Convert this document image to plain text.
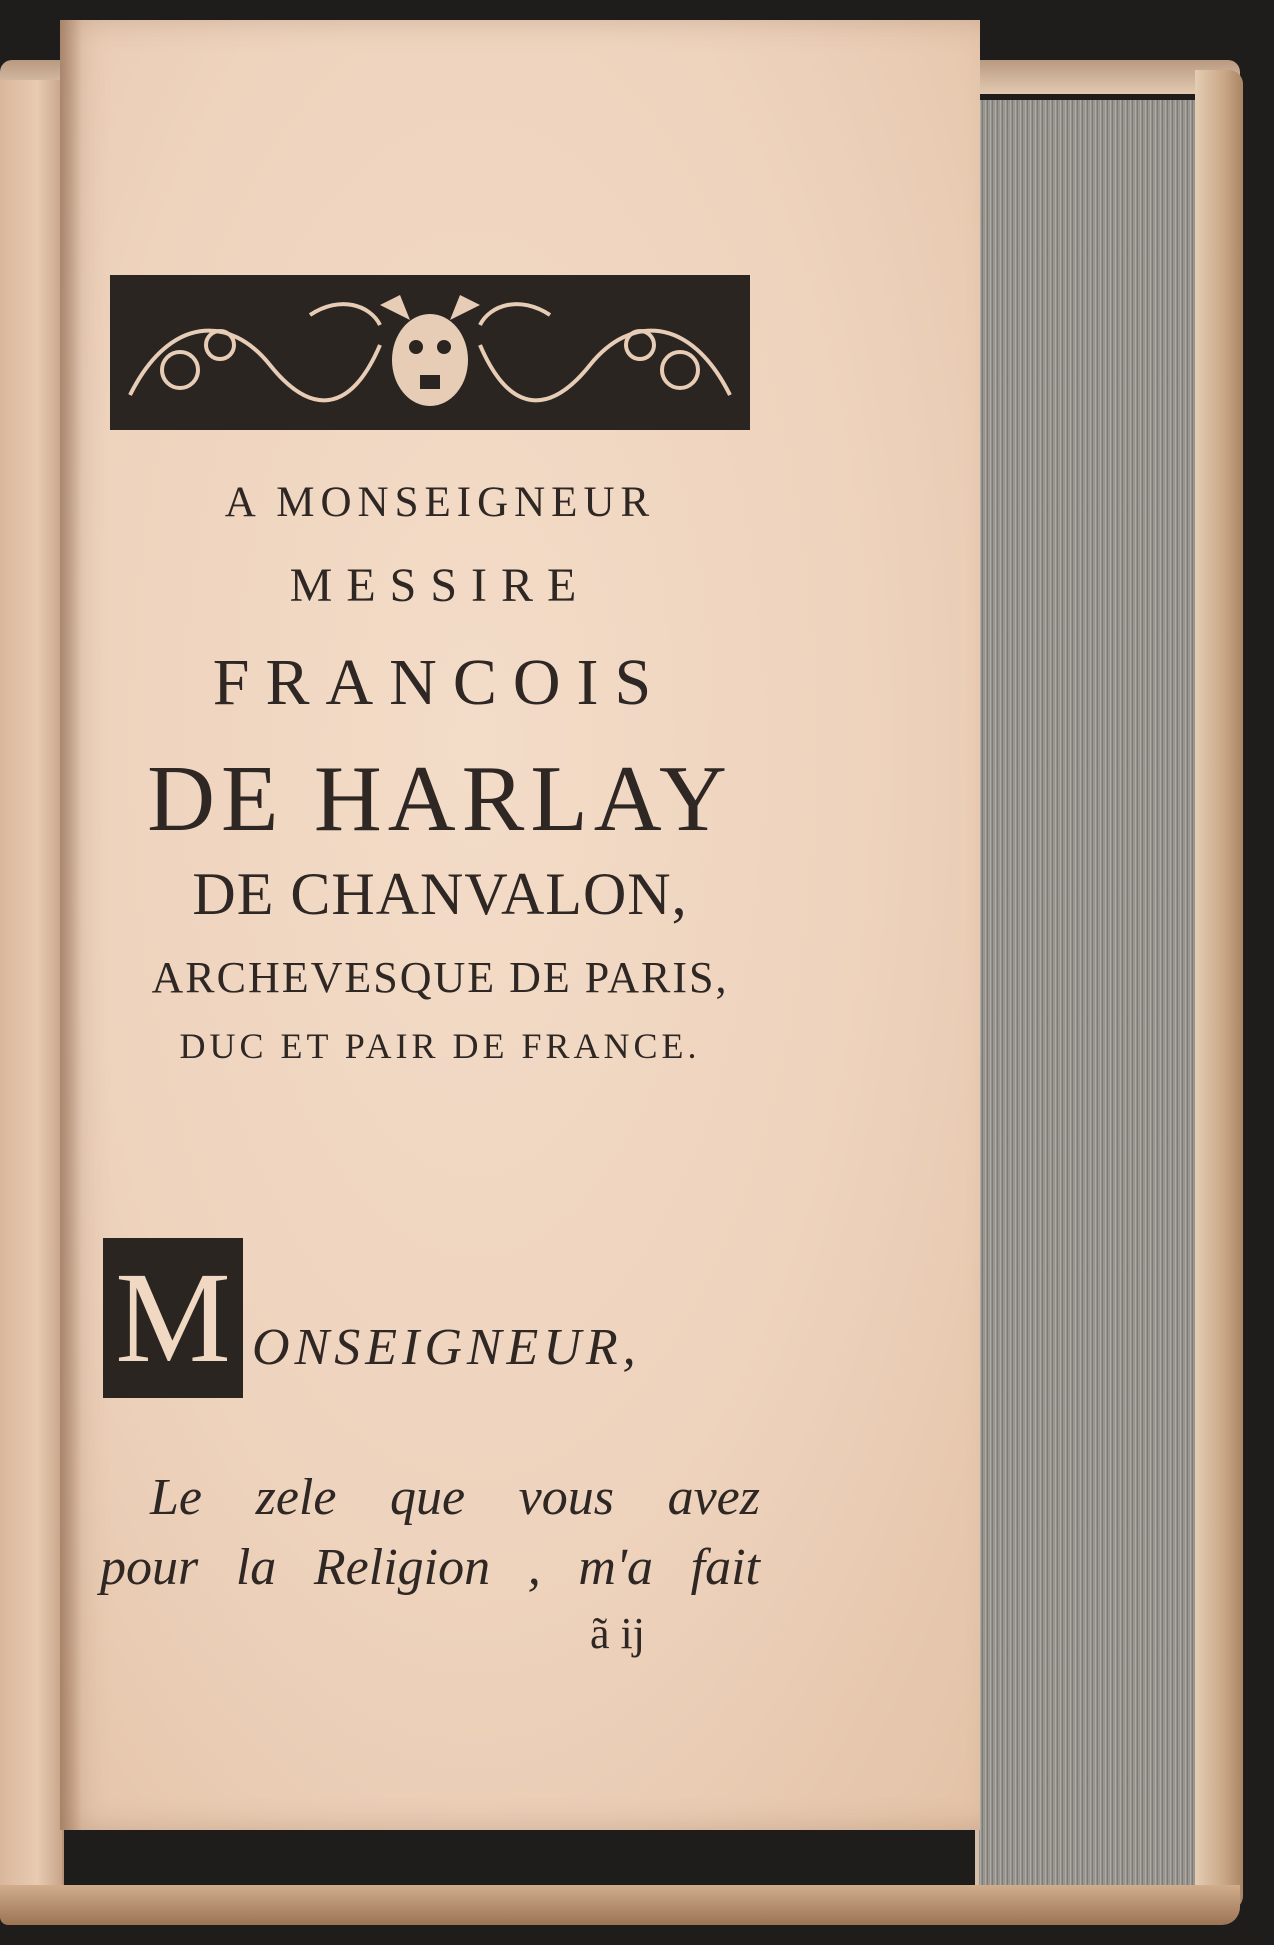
A MONSEIGNEUR
MESSIRE
FRANCOIS
DE HARLAY
DE CHANVALON,
ARCHEVESQUE DE PARIS,
DUC ET PAIR DE FRANCE.
M ONSEIGNEUR,
Le zele que vous avez
pour la Religion , m'a fait
ã ij
